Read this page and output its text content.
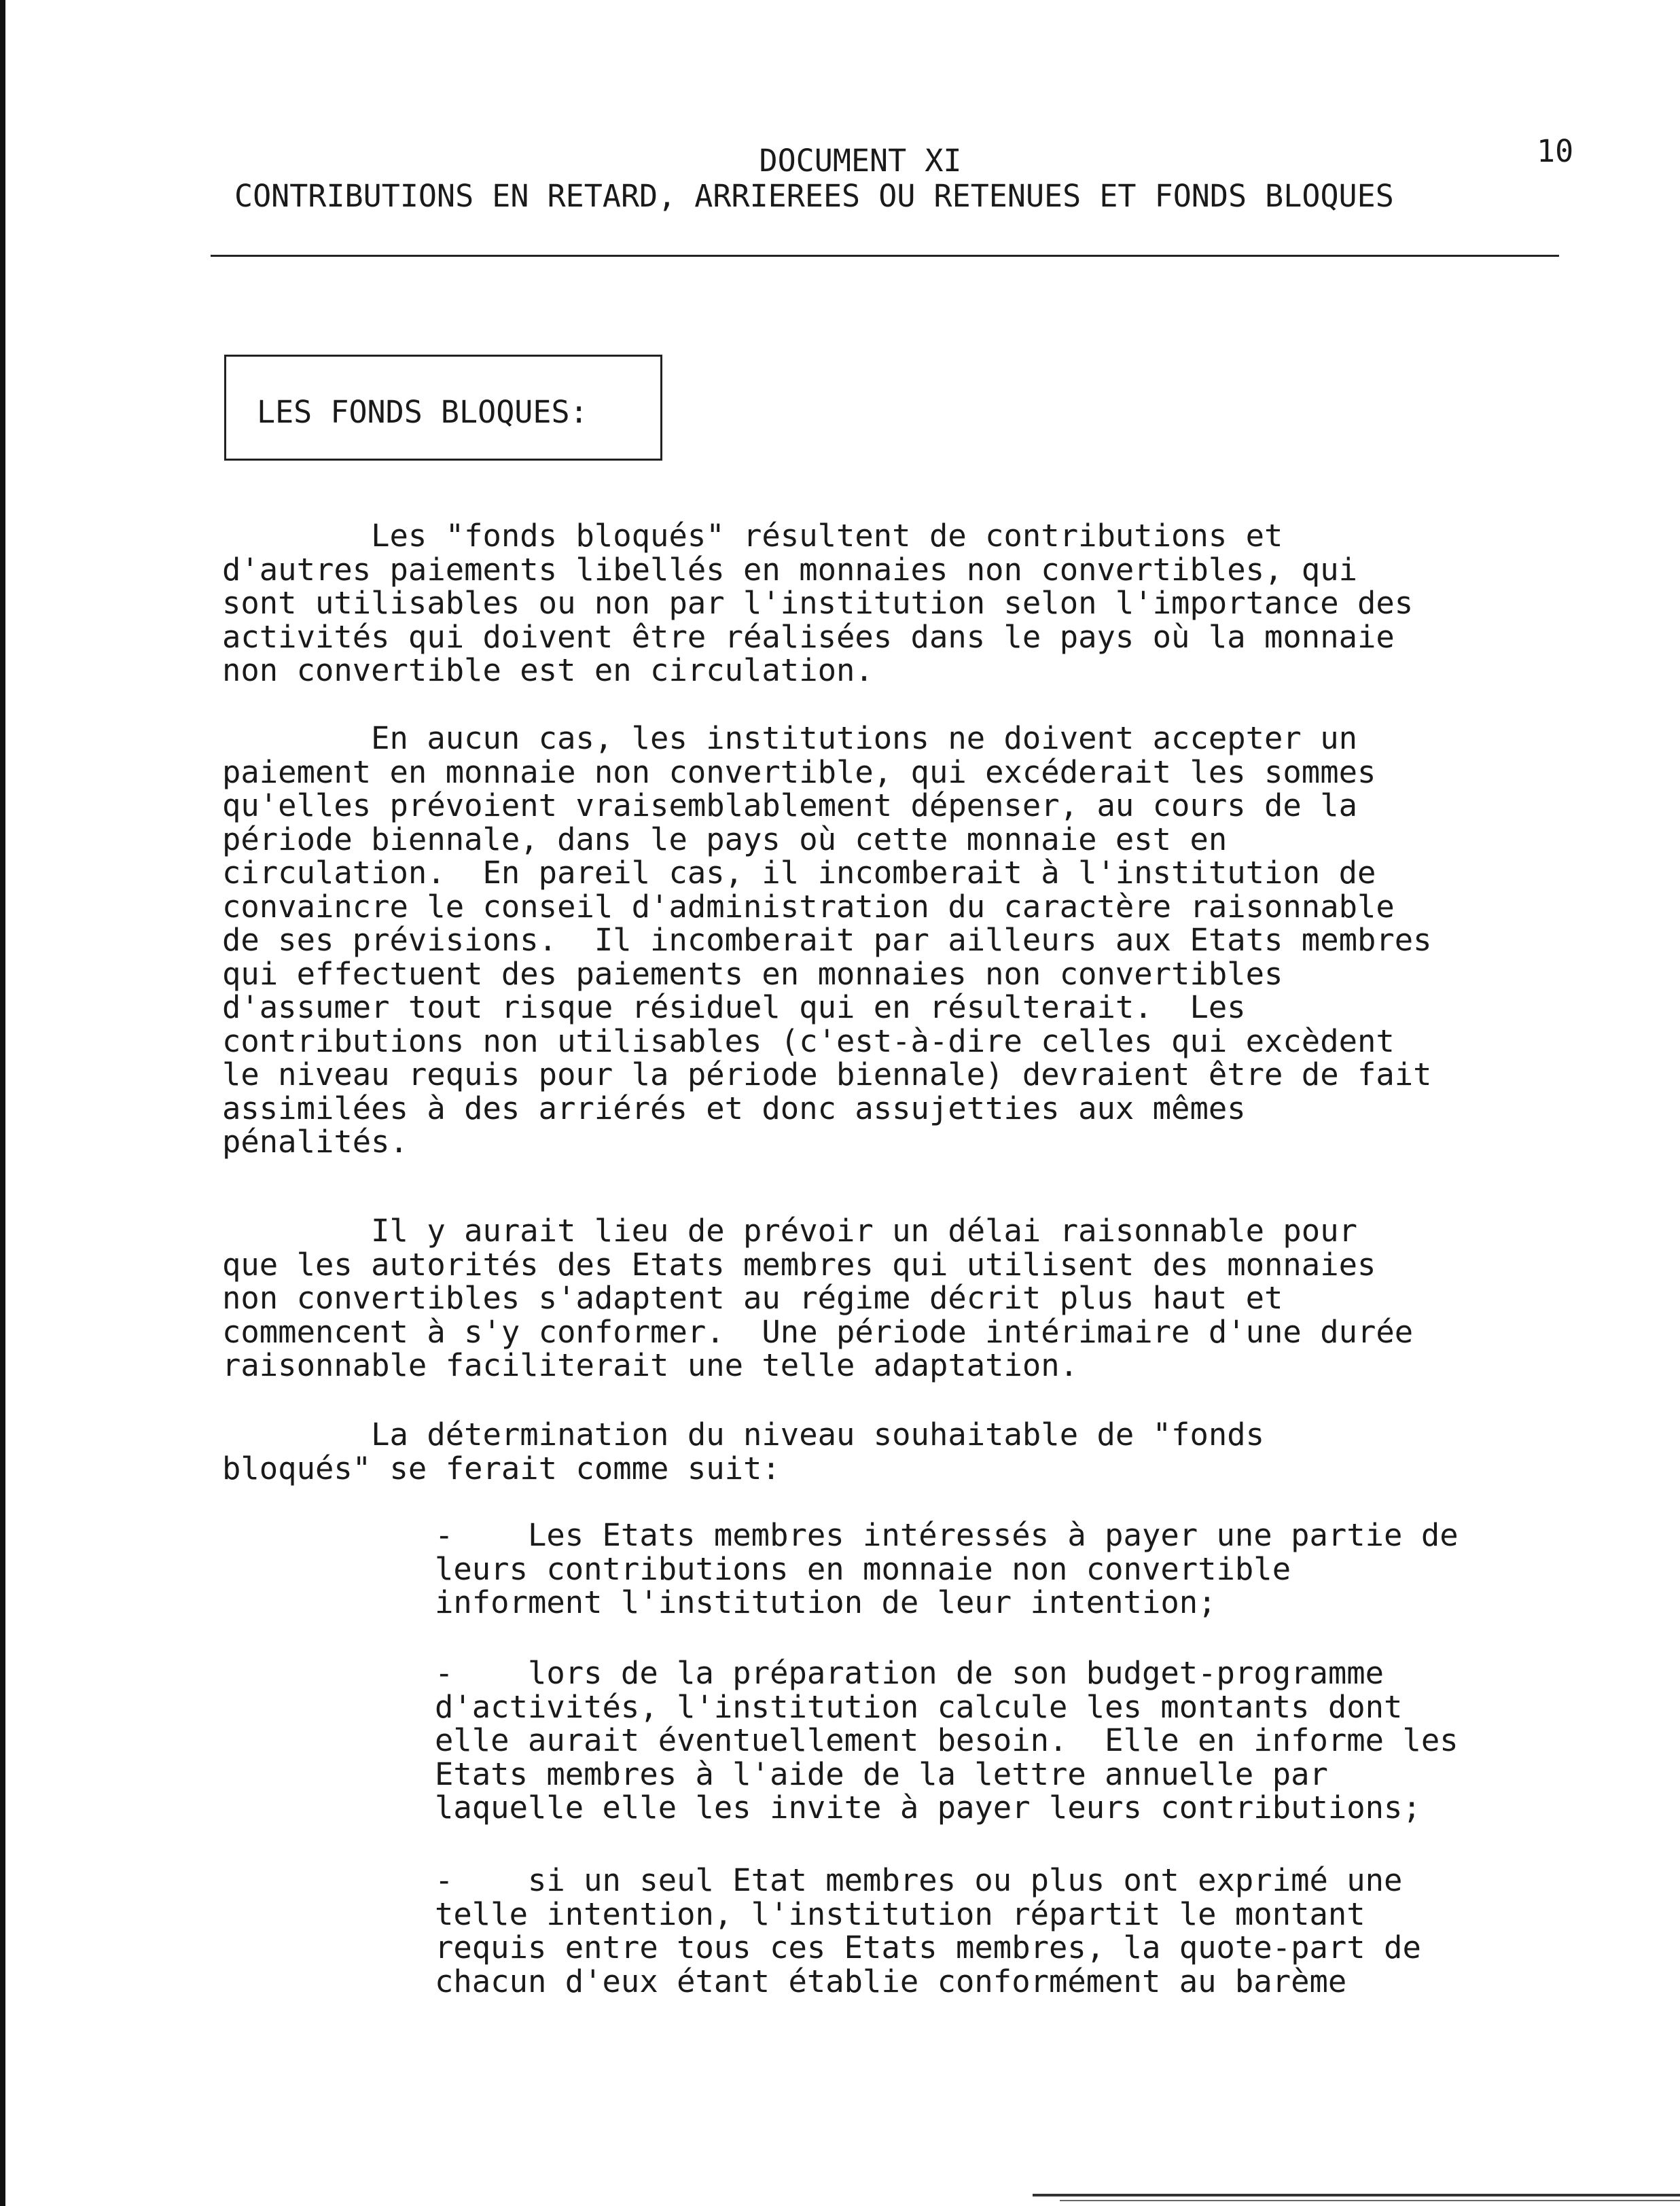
10
DOCUMENT XI
CONTRIBUTIONS EN RETARD, ARRIEREES OU RETENUES ET FONDS BLOQUES
LES FONDS BLOQUES:
Les "fonds bloqués" résultent de contributions et
d'autres paiements libellés en monnaies non convertibles, qui
sont utilisables ou non par l'institution selon l'importance des
activités qui doivent être réalisées dans le pays où la monnaie
non convertible est en circulation.
En aucun cas, les institutions ne doivent accepter un
paiement en monnaie non convertible, qui excéderait les sommes
qu'elles prévoient vraisemblablement dépenser, au cours de la
période biennale, dans le pays où cette monnaie est en
circulation.  En pareil cas, il incomberait à l'institution de
convaincre le conseil d'administration du caractère raisonnable
de ses prévisions.  Il incomberait par ailleurs aux Etats membres
qui effectuent des paiements en monnaies non convertibles
d'assumer tout risque résiduel qui en résulterait.  Les
contributions non utilisables (c'est-à-dire celles qui excèdent
le niveau requis pour la période biennale) devraient être de fait
assimilées à des arriérés et donc assujetties aux mêmes
pénalités.
Il y aurait lieu de prévoir un délai raisonnable pour
que les autorités des Etats membres qui utilisent des monnaies
non convertibles s'adaptent au régime décrit plus haut et
commencent à s'y conformer.  Une période intérimaire d'une durée
raisonnable faciliterait une telle adaptation.
La détermination du niveau souhaitable de "fonds
bloqués" se ferait comme suit:
-    Les Etats membres intéressés à payer une partie de
leurs contributions en monnaie non convertible
informent l'institution de leur intention;
-    lors de la préparation de son budget-programme
d'activités, l'institution calcule les montants dont
elle aurait éventuellement besoin.  Elle en informe les
Etats membres à l'aide de la lettre annuelle par
laquelle elle les invite à payer leurs contributions;
-    si un seul Etat membres ou plus ont exprimé une
telle intention, l'institution répartit le montant
requis entre tous ces Etats membres, la quote-part de
chacun d'eux étant établie conformément au barème
